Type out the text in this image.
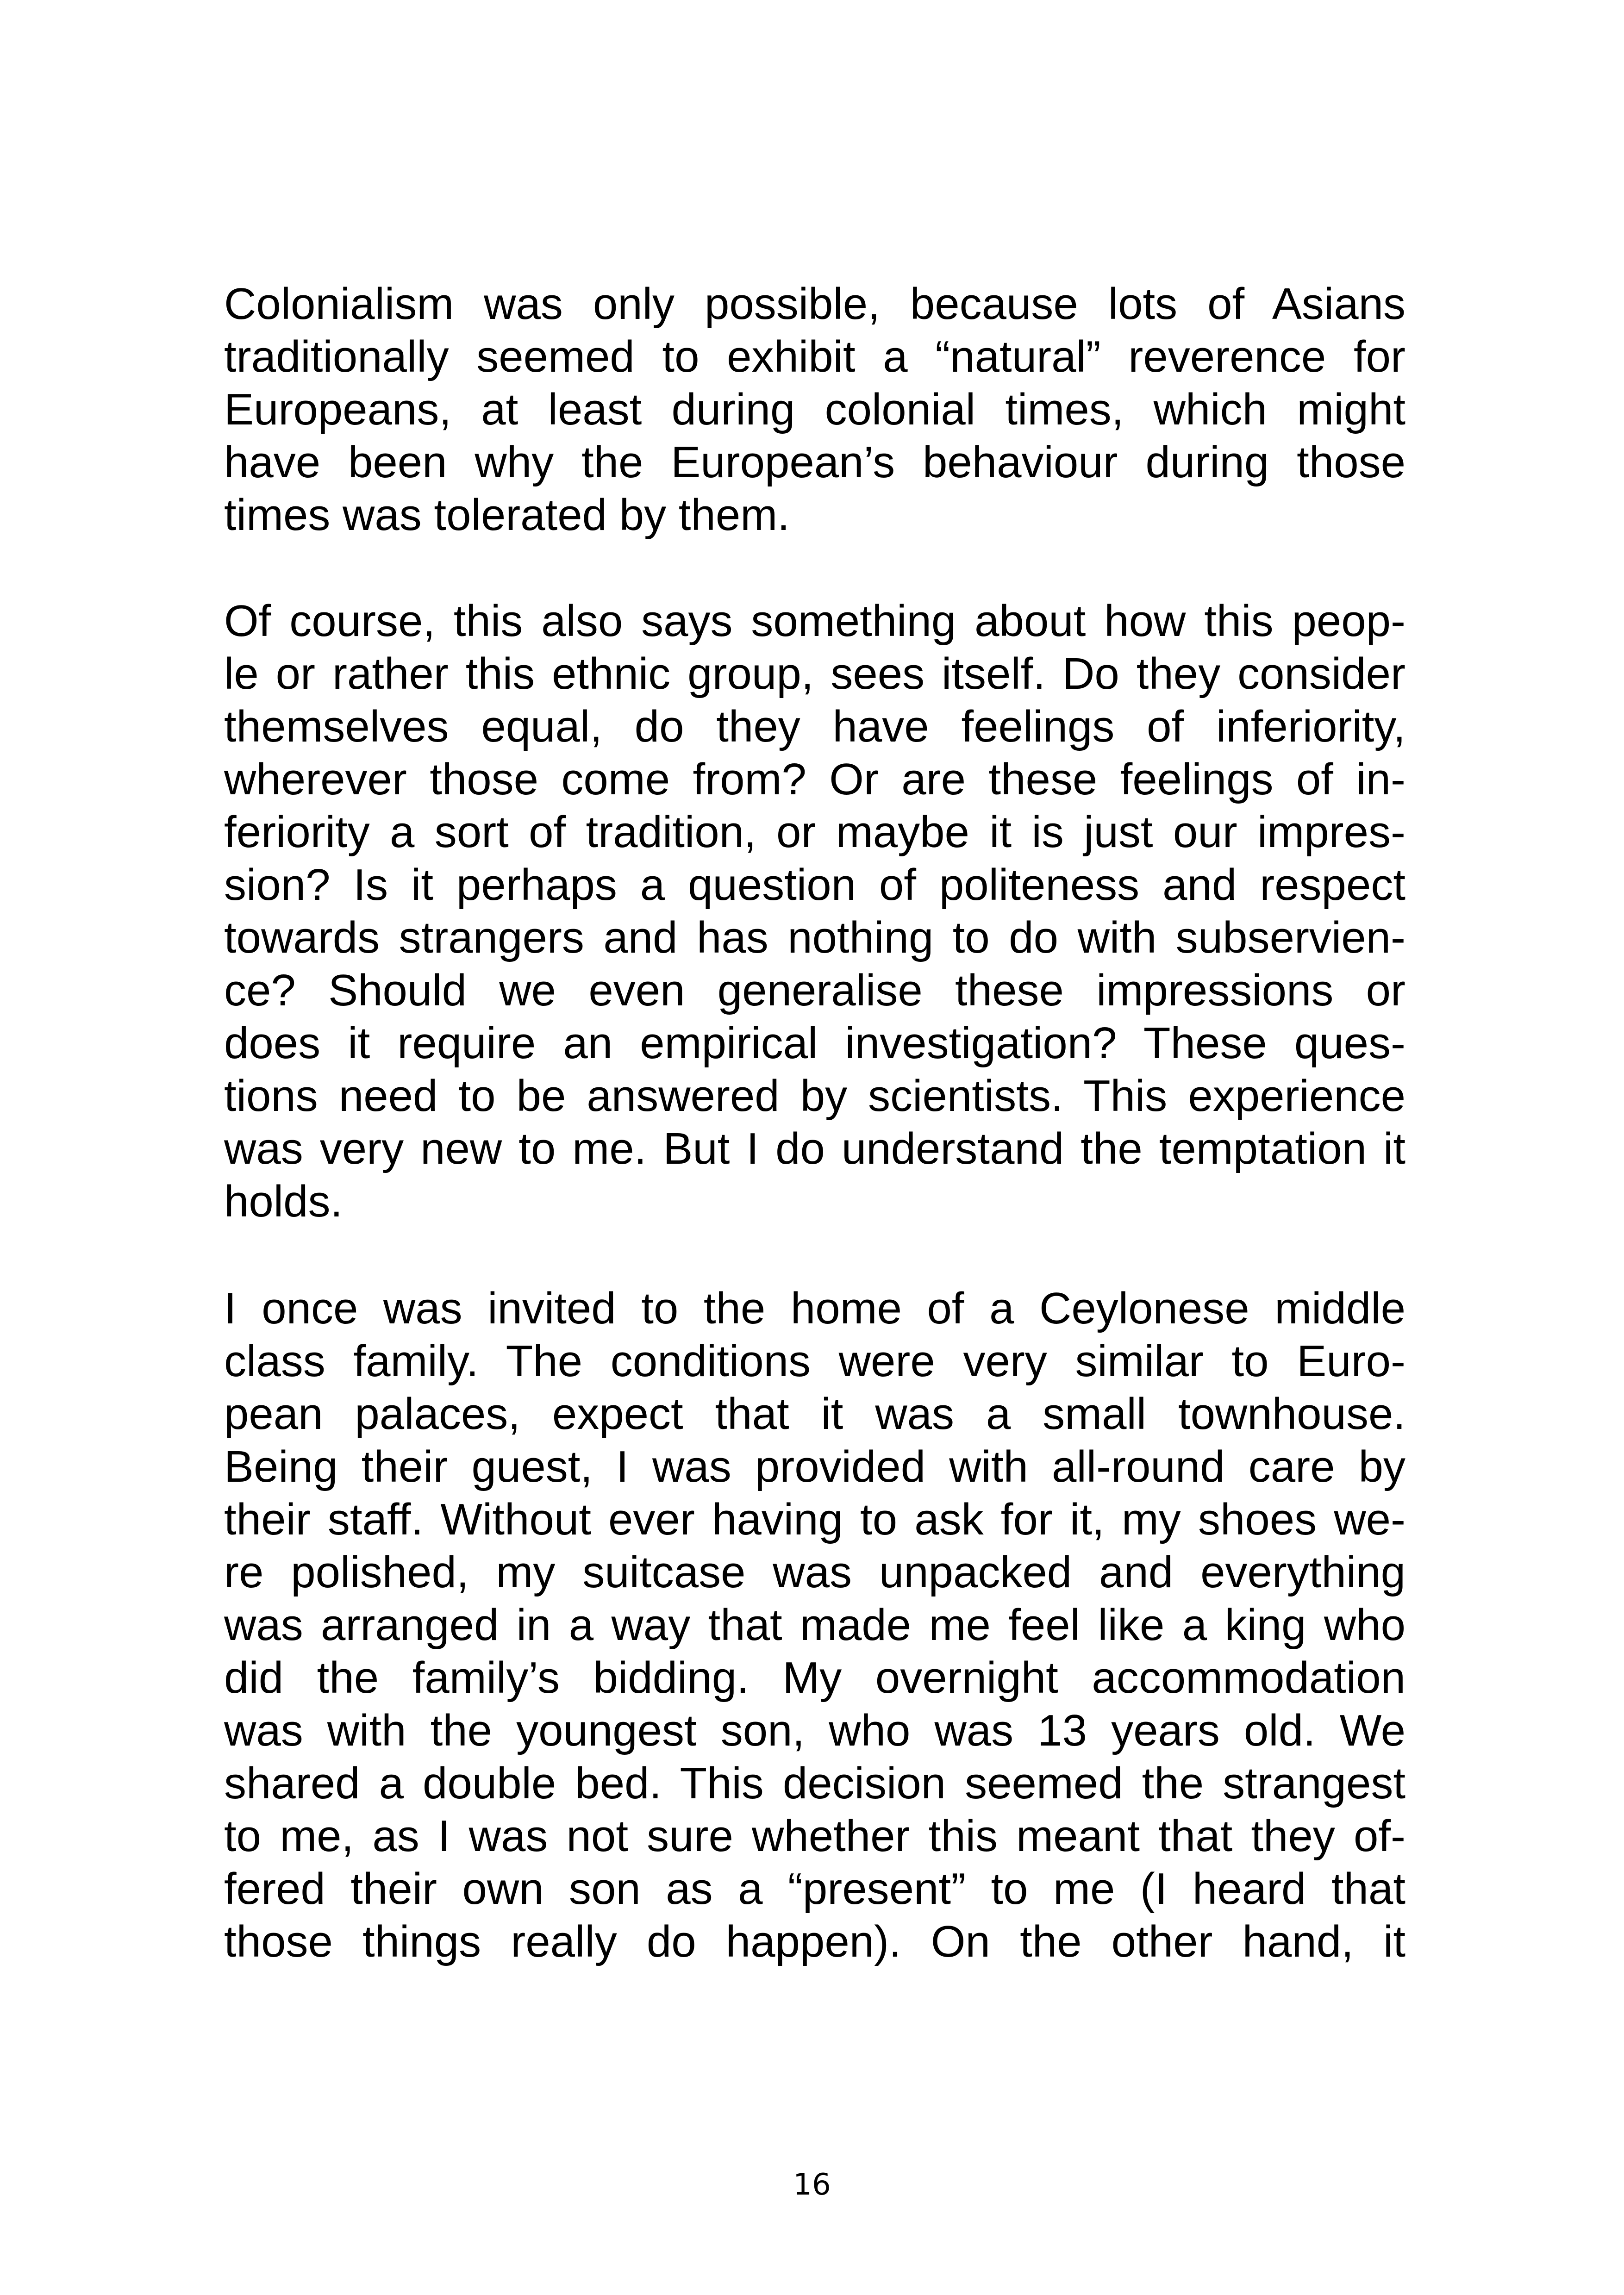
Colonialism was only possible, because lots of Asians
traditionally seemed to exhibit a “natural” reverence for
Europeans, at least during colonial times, which might
have been why the European’s behaviour during those
times was tolerated by them.
Of course, this also says something about how this peop-
le or rather this ethnic group, sees itself. Do they consider
themselves equal, do they have feelings of inferiority,
wherever those come from? Or are these feelings of in-
feriority a sort of tradition, or maybe it is just our impres-
sion? Is it perhaps a question of politeness and respect
towards strangers and has nothing to do with subservien-
ce? Should we even generalise these impressions or
does it require an empirical investigation? These ques-
tions need to be answered by scientists. This experience
was very new to me. But I do understand the temptation it
holds.
I once was invited to the home of a Ceylonese middle
class family. The conditions were very similar to Euro-
pean palaces, expect that it was a small townhouse.
Being their guest, I was provided with all-round care by
their staff. Without ever having to ask for it, my shoes we-
re polished, my suitcase was unpacked and everything
was arranged in a way that made me feel like a king who
did the family’s bidding. My overnight accommodation
was with the youngest son, who was 13 years old. We
shared a double bed. This decision seemed the strangest
to me, as I was not sure whether this meant that they of-
fered their own son as a “present” to me (I heard that
those things really do happen). On the other hand, it
16
